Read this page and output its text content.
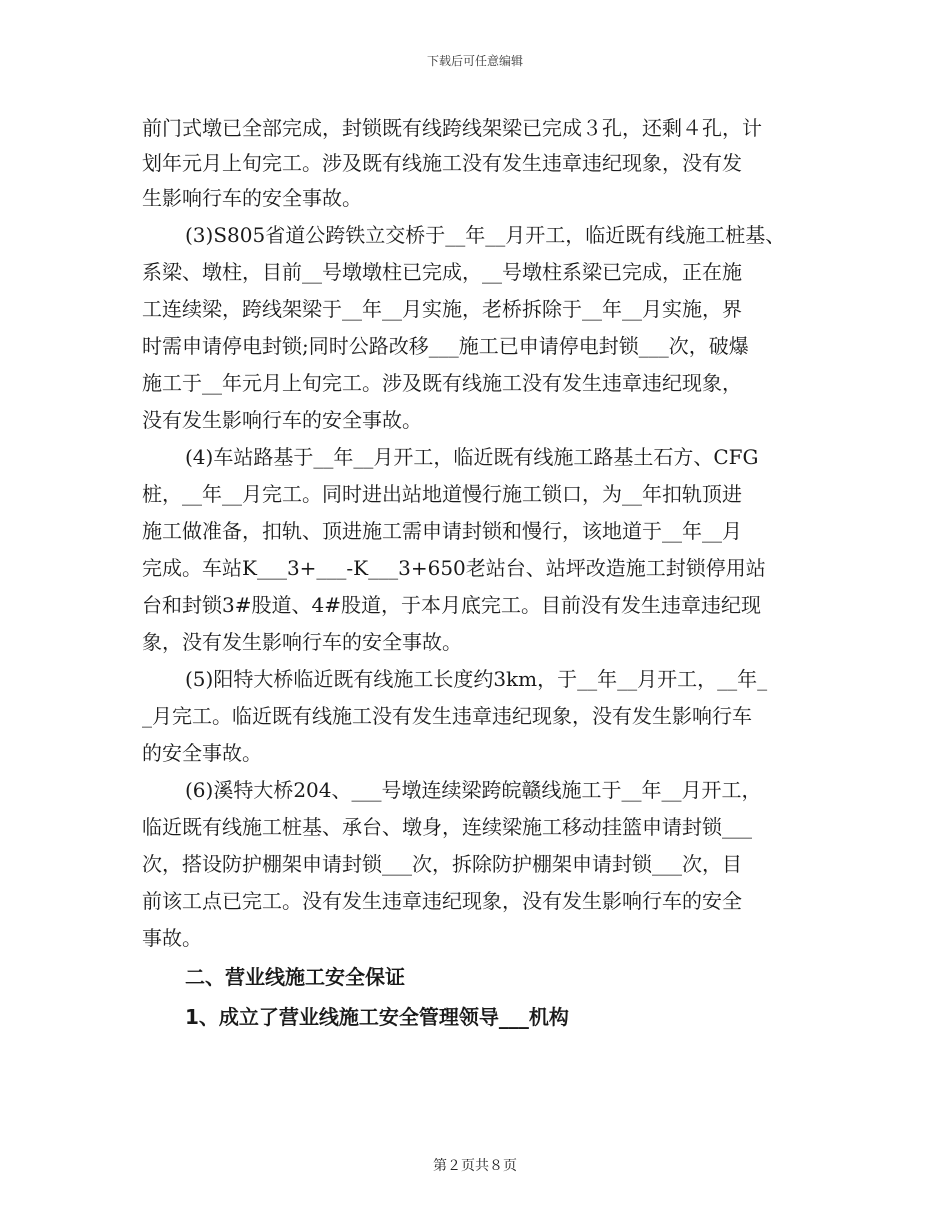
下载后可任意编辑
前门式墩已全部完成，封锁既有线跨线架梁已完成３孔，还剩４孔，计
划年元月上旬完工。涉及既有线施工没有发生违章违纪现象，没有发
生影响行车的安全事故。
(3)S805省道公跨铁立交桥于__年__月开工，临近既有线施工桩基、
系梁、墩柱，目前__号墩墩柱已完成，__号墩柱系梁已完成，正在施
工连续梁，跨线架梁于__年__月实施，老桥拆除于__年__月实施，界
时需申请停电封锁;同时公路改移___施工已申请停电封锁___次，破爆
施工于__年元月上旬完工。涉及既有线施工没有发生违章违纪现象，
没有发生影响行车的安全事故。
(4)车站路基于__年__月开工，临近既有线施工路基土石方、CFG
桩，__年__月完工。同时进出站地道慢行施工锁口，为__年扣轨顶进
施工做准备，扣轨、顶进施工需申请封锁和慢行，该地道于__年__月
完成。车站K___3+___-K___3+650老站台、站坪改造施工封锁停用站
台和封锁3#股道、4#股道，于本月底完工。目前没有发生违章违纪现
象，没有发生影响行车的安全事故。
(5)阳特大桥临近既有线施工长度约3km，于__年__月开工，__年_
_月完工。临近既有线施工没有发生违章违纪现象，没有发生影响行车
的安全事故。
(6)溪特大桥204、___号墩连续梁跨皖赣线施工于__年__月开工，
临近既有线施工桩基、承台、墩身，连续梁施工移动挂篮申请封锁___
次，搭设防护棚架申请封锁___次，拆除防护棚架申请封锁___次，目
前该工点已完工。没有发生违章违纪现象，没有发生影响行车的安全
事故。
二、营业线施工安全保证
1、成立了营业线施工安全管理领导___机构
第２页共８页
